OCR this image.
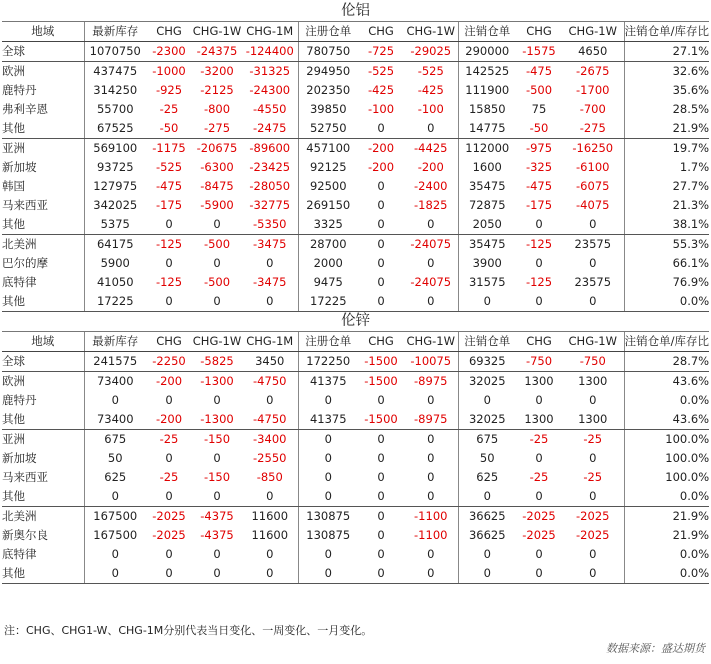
伦铝											
地域	最新库存	CHG	CHG-1W	CHG-1M	注册仓单	CHG	CHG-1W	注销仓单	CHG	CHG-1W	注销仓单/库存比
全球	1070750	-2300	-24375	-124400	780750	-725	-29025	290000	-1575	4650	27.1%
欧洲	437475	-1000	-3200	-31325	294950	-525	-525	142525	-475	-2675	32.6%
鹿特丹	314250	-925	-2125	-24300	202350	-425	-425	111900	-500	-1700	35.6%
弗利辛恩	55700	-25	-800	-4550	39850	-100	-100	15850	75	-700	28.5%
其他	67525	-50	-275	-2475	52750	0	0	14775	-50	-275	21.9%
亚洲	569100	-1175	-20675	-89600	457100	-200	-4425	112000	-975	-16250	19.7%
新加坡	93725	-525	-6300	-23425	92125	-200	-200	1600	-325	-6100	1.7%
韩国	127975	-475	-8475	-28050	92500	0	-2400	35475	-475	-6075	27.7%
马来西亚	342025	-175	-5900	-32775	269150	0	-1825	72875	-175	-4075	21.3%
其他	5375	0	0	-5350	3325	0	0	2050	0	0	38.1%
北美洲	64175	-125	-500	-3475	28700	0	-24075	35475	-125	23575	55.3%
巴尔的摩	5900	0	0	0	2000	0	0	3900	0	0	66.1%
底特律	41050	-125	-500	-3475	9475	0	-24075	31575	-125	23575	76.9%
其他	17225	0	0	0	17225	0	0	0	0	0	0.0%
伦锌											
地域	最新库存	CHG	CHG-1W	CHG-1M	注册仓单	CHG	CHG-1W	注销仓单	CHG	CHG-1W	注销仓单/库存比
全球	241575	-2250	-5825	3450	172250	-1500	-10075	69325	-750	-750	28.7%
欧洲	73400	-200	-1300	-4750	41375	-1500	-8975	32025	1300	1300	43.6%
鹿特丹	0	0	0	0	0	0	0	0	0	0	0.0%
其他	73400	-200	-1300	-4750	41375	-1500	-8975	32025	1300	1300	43.6%
亚洲	675	-25	-150	-3400	0	0	0	675	-25	-25	100.0%
新加坡	50	0	0	-2550	0	0	0	50	0	0	100.0%
马来西亚	625	-25	-150	-850	0	0	0	625	-25	-25	100.0%
其他	0	0	0	0	0	0	0	0	0	0	0.0%
北美洲	167500	-2025	-4375	11600	130875	0	-1100	36625	-2025	-2025	21.9%
新奥尔良	167500	-2025	-4375	11600	130875	0	-1100	36625	-2025	-2025	21.9%
底特律	0	0	0	0	0	0	0	0	0	0	0.0%
其他	0	0	0	0	0	0	0	0	0	0	0.0%
注：CHG、CHG1-W、CHG-1M分别代表当日变化、一周变化、一月变化。
数据来源：盛达期货
